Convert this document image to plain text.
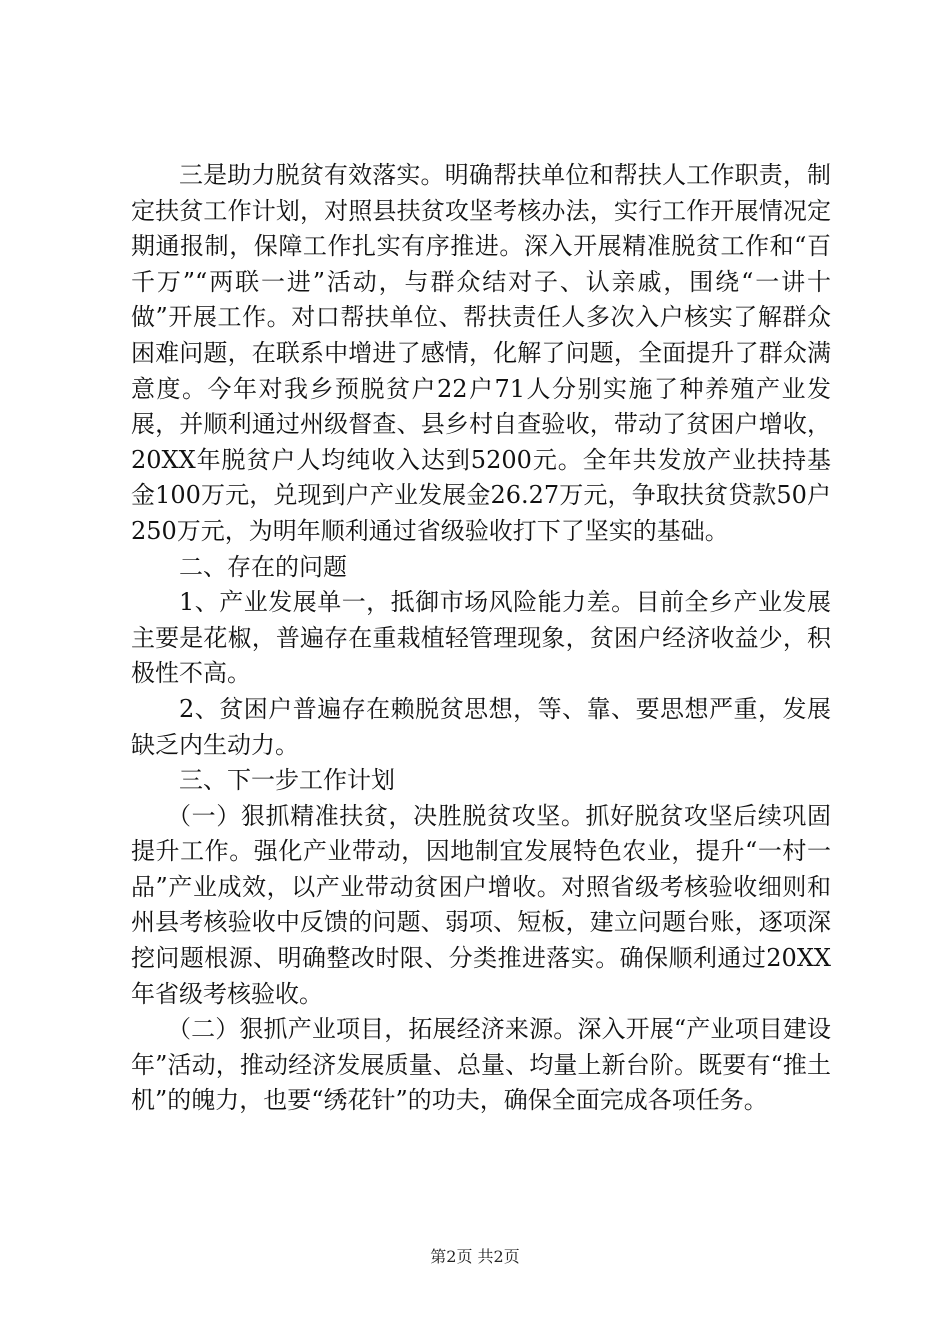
三是助力脱贫有效落实。明确帮扶单位和帮扶人工作职责，制定扶贫工作计划，对照县扶贫攻坚考核办法，实行工作开展情况定期通报制，保障工作扎实有序推进。深入开展精准脱贫工作和“百千万”“两联一进”活动，与群众结对子、认亲戚，围绕“一讲十做”开展工作。对口帮扶单位、帮扶责任人多次入户核实了解群众困难问题，在联系中增进了感情，化解了问题，全面提升了群众满意度。今年对我乡预脱贫户22户71人分别实施了种养殖产业发展，并顺利通过州级督查、县乡村自查验收，带动了贫困户增收，20XX年脱贫户人均纯收入达到5200元。全年共发放产业扶持基金100万元，兑现到户产业发展金26.27万元，争取扶贫贷款50户250万元，为明年顺利通过省级验收打下了坚实的基础。

二、存在的问题

1、产业发展单一，抵御市场风险能力差。目前全乡产业发展主要是花椒，普遍存在重栽植轻管理现象，贫困户经济收益少，积极性不高。

2、贫困户普遍存在赖脱贫思想，等、靠、要思想严重，发展缺乏内生动力。

三、下一步工作计划

（一）狠抓精准扶贫，决胜脱贫攻坚。抓好脱贫攻坚后续巩固提升工作。强化产业带动，因地制宜发展特色农业，提升“一村一品”产业成效，以产业带动贫困户增收。对照省级考核验收细则和州县考核验收中反馈的问题、弱项、短板，建立问题台账，逐项深挖问题根源、明确整改时限、分类推进落实。确保顺利通过20XX年省级考核验收。

（二）狠抓产业项目，拓展经济来源。深入开展“产业项目建设年”活动，推动经济发展质量、总量、均量上新台阶。既要有“推土机”的魄力，也要“绣花针”的功夫，确保全面完成各项任务。

第2页 共2页
